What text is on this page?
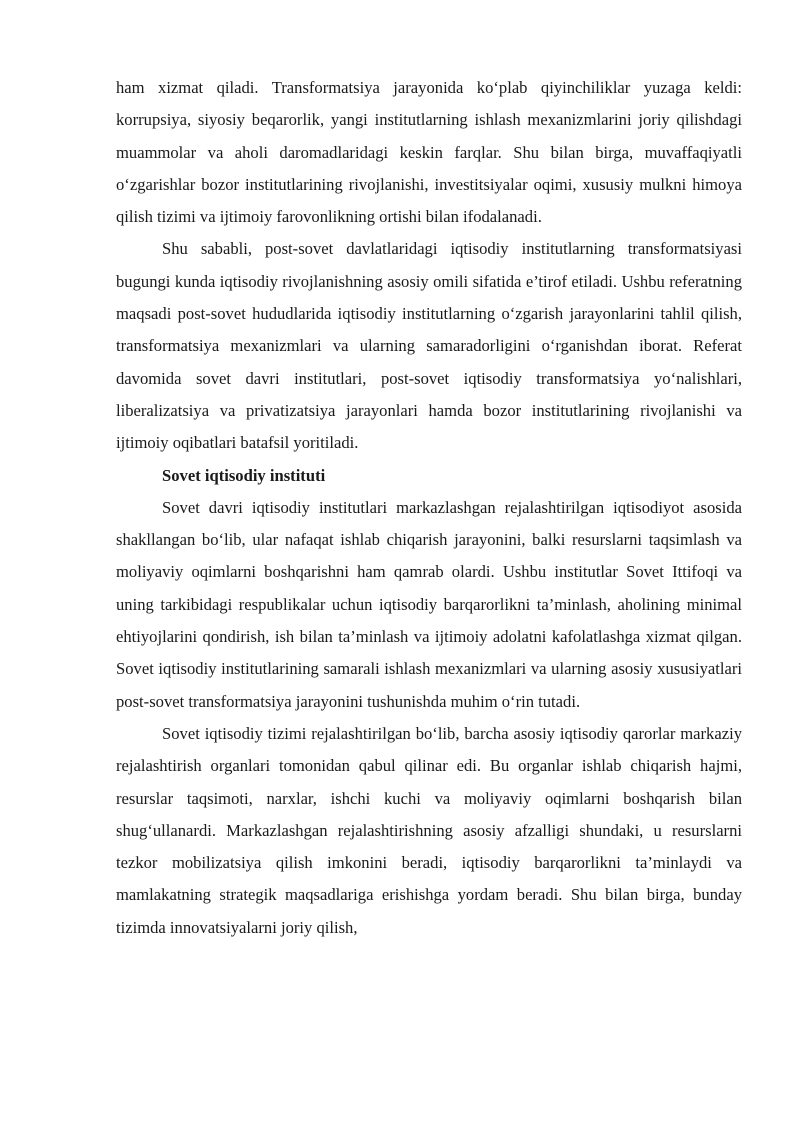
ham xizmat qiladi. Transformatsiya jarayonida ko‘plab qiyinchiliklar yuzaga keldi: korrupsiya, siyosiy beqarorlik, yangi institutlarning ishlash mexanizmlarini joriy qilishdagi muammolar va aholi daromadlaridagi keskin farqlar. Shu bilan birga, muvaffaqiyatli o‘zgarishlar bozor institutlarining rivojlanishi, investitsiyalar oqimi, xususiy mulkni himoya qilish tizimi va ijtimoiy farovonlikning ortishi bilan ifodalanadi.

Shu sababli, post-sovet davlatlaridagi iqtisodiy institutlarning transformatsiyasi bugungi kunda iqtisodiy rivojlanishning asosiy omili sifatida e’tirof etiladi. Ushbu referatning maqsadi post-sovet hududlarida iqtisodiy institutlarning o‘zgarish jarayonlarini tahlil qilish, transformatsiya mexanizmlari va ularning samaradorligini o‘rganishdan iborat. Referat davomida sovet davri institutlari, post-sovet iqtisodiy transformatsiya yo‘nalishlari, liberalizatsiya va privatizatsiya jarayonlari hamda bozor institutlarining rivojlanishi va ijtimoiy oqibatlari batafsil yoritiladi.

Sovet iqtisodiy instituti

Sovet davri iqtisodiy institutlari markazlashgan rejalashtirilgan iqtisodiyot asosida shakllangan bo‘lib, ular nafaqat ishlab chiqarish jarayonini, balki resurslarni taqsimlash va moliyaviy oqimlarni boshqarishni ham qamrab olardi. Ushbu institutlar Sovet Ittifoqi va uning tarkibidagi respublikalar uchun iqtisodiy barqarorlikni ta’minlash, aholining minimal ehtiyojlarini qondirish, ish bilan ta’minlash va ijtimoiy adolatni kafolatlashga xizmat qilgan. Sovet iqtisodiy institutlarining samarali ishlash mexanizmlari va ularning asosiy xususiyatlari post-sovet transformatsiya jarayonini tushunishda muhim o‘rin tutadi.

Sovet iqtisodiy tizimi rejalashtirilgan bo‘lib, barcha asosiy iqtisodiy qarorlar markaziy rejalashtirish organlari tomonidan qabul qilinar edi. Bu organlar ishlab chiqarish hajmi, resurslar taqsimoti, narxlar, ishchi kuchi va moliyaviy oqimlarni boshqarish bilan shug‘ullanardi. Markazlashgan rejalashtirishning asosiy afzalligi shundaki, u resurslarni tezkor mobilizatsiya qilish imkonini beradi, iqtisodiy barqarorlikni ta’minlaydi va mamlakatning strategik maqsadlariga erishishga yordam beradi. Shu bilan birga, bunday tizimda innovatsiyalarni joriy qilish,
